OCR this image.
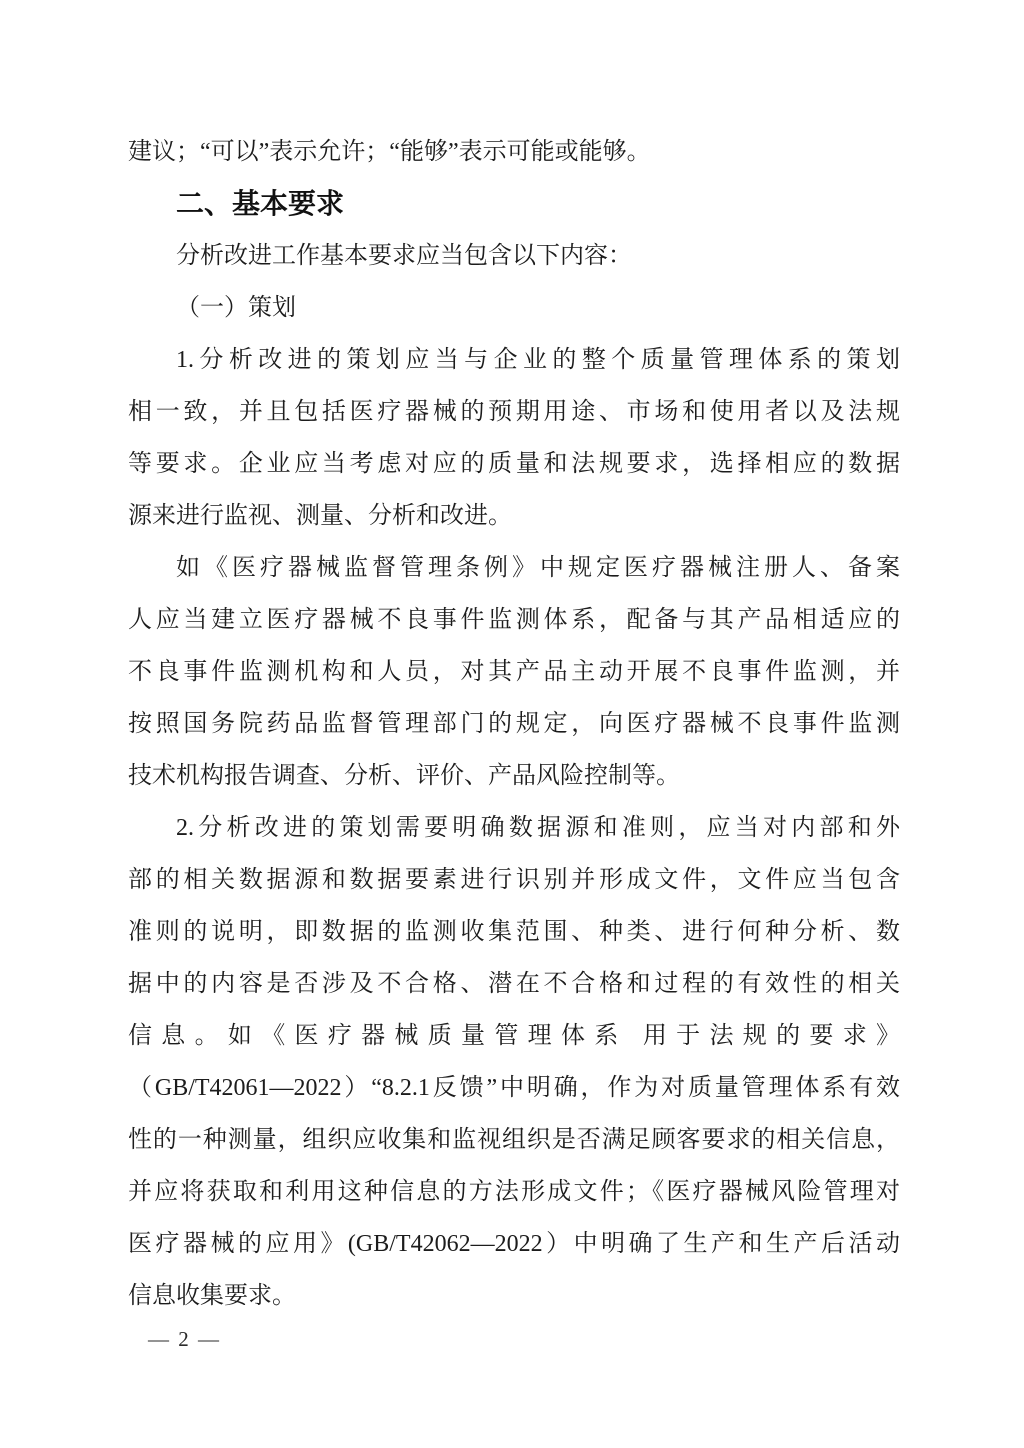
建议；“可以”表示允许；“能够”表示可能或能够。
二、基本要求
分析改进工作基本要求应当包含以下内容：
（一）策划
1.分析改进的策划应当与企业的整个质量管理体系的策划
相一致，并且包括医疗器械的预期用途、市场和使用者以及法规
等要求。企业应当考虑对应的质量和法规要求，选择相应的数据
源来进行监视、测量、分析和改进。
如《医疗器械监督管理条例》中规定医疗器械注册人、备案
人应当建立医疗器械不良事件监测体系，配备与其产品相适应的
不良事件监测机构和人员，对其产品主动开展不良事件监测，并
按照国务院药品监督管理部门的规定，向医疗器械不良事件监测
技术机构报告调查、分析、评价、产品风险控制等。
2.分析改进的策划需要明确数据源和准则，应当对内部和外
部的相关数据源和数据要素进行识别并形成文件，文件应当包含
准则的说明，即数据的监测收集范围、种类、进行何种分析、数
据中的内容是否涉及不合格、潜在不合格和过程的有效性的相关
信息。如《医疗器械质量管理体系 用于法规的要求》
（GB/T42061—2022）“8.2.1反馈”中明确，作为对质量管理体系有效
性的一种测量，组织应收集和监视组织是否满足顾客要求的相关信息，
并应将获取和利用这种信息的方法形成文件；《医疗器械风险管理对
医疗器械的应用》(GB/T42062—2022）中明确了生产和生产后活动
信息收集要求。
— 2 —
